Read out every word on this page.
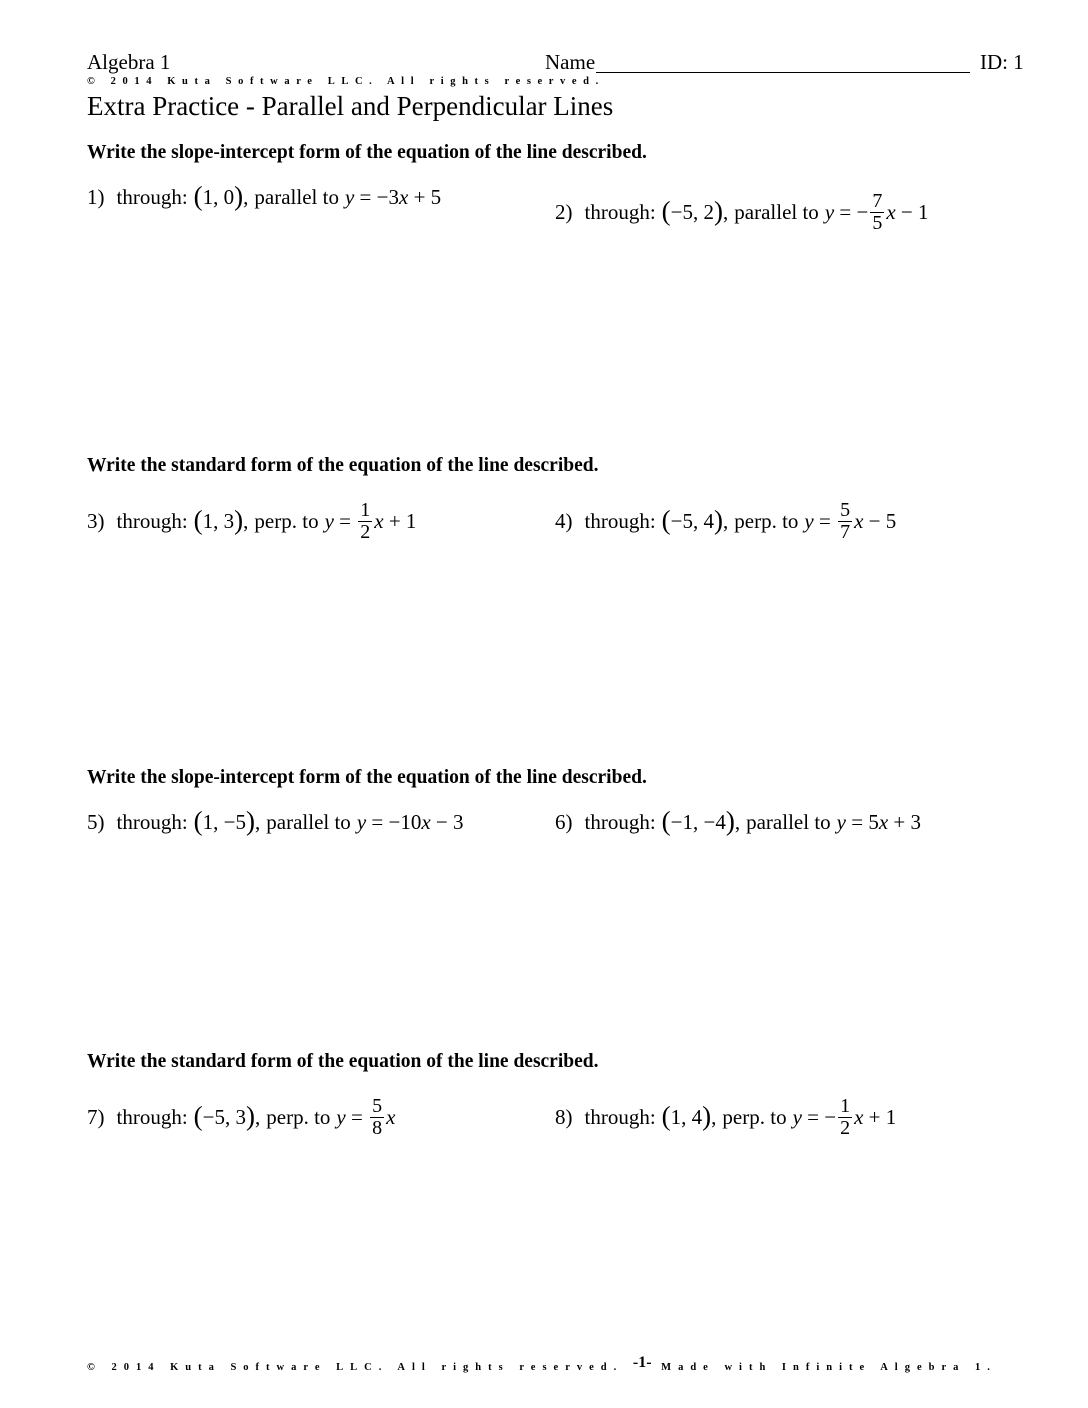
Algebra 1	Name	ID: 1
© 2014 Kuta Software LLC. All rights reserved.
Extra Practice - Parallel and Perpendicular Lines
Write the slope-intercept form of the equation of the line described.
Write the standard form of the equation of the line described.
Write the slope-intercept form of the equation of the line described.
Write the standard form of the equation of the line described.
1) through: ( 1, 0 ) , parallel to y = −3x + 5
2) through: ( −5, 2 ) , parallel to y = − $\frac{7}{5}$ x − 1
3) through: ( 1, 3 ) , perp. to $y = \frac{1}{2}$ x + 1	4) through: ( −5, 4 ) , perp. to $y = \frac{5}{7}$ x − 5
5) through: ( 1, −5 ) , parallel to y = −10x − 3	6) through: ( −1, −4 ) , parallel to y = 5x + 3
7) through: ( −5, 3 ) , perp. to $y = \frac{5}{8}$ x	8) through: ( 1, 4 ) , perp. to y = − $\frac{1}{2}$ x + 1
© 2014 Kuta Software LLC. All rights reserved. -1- Made with Infinite Algebra 1.
